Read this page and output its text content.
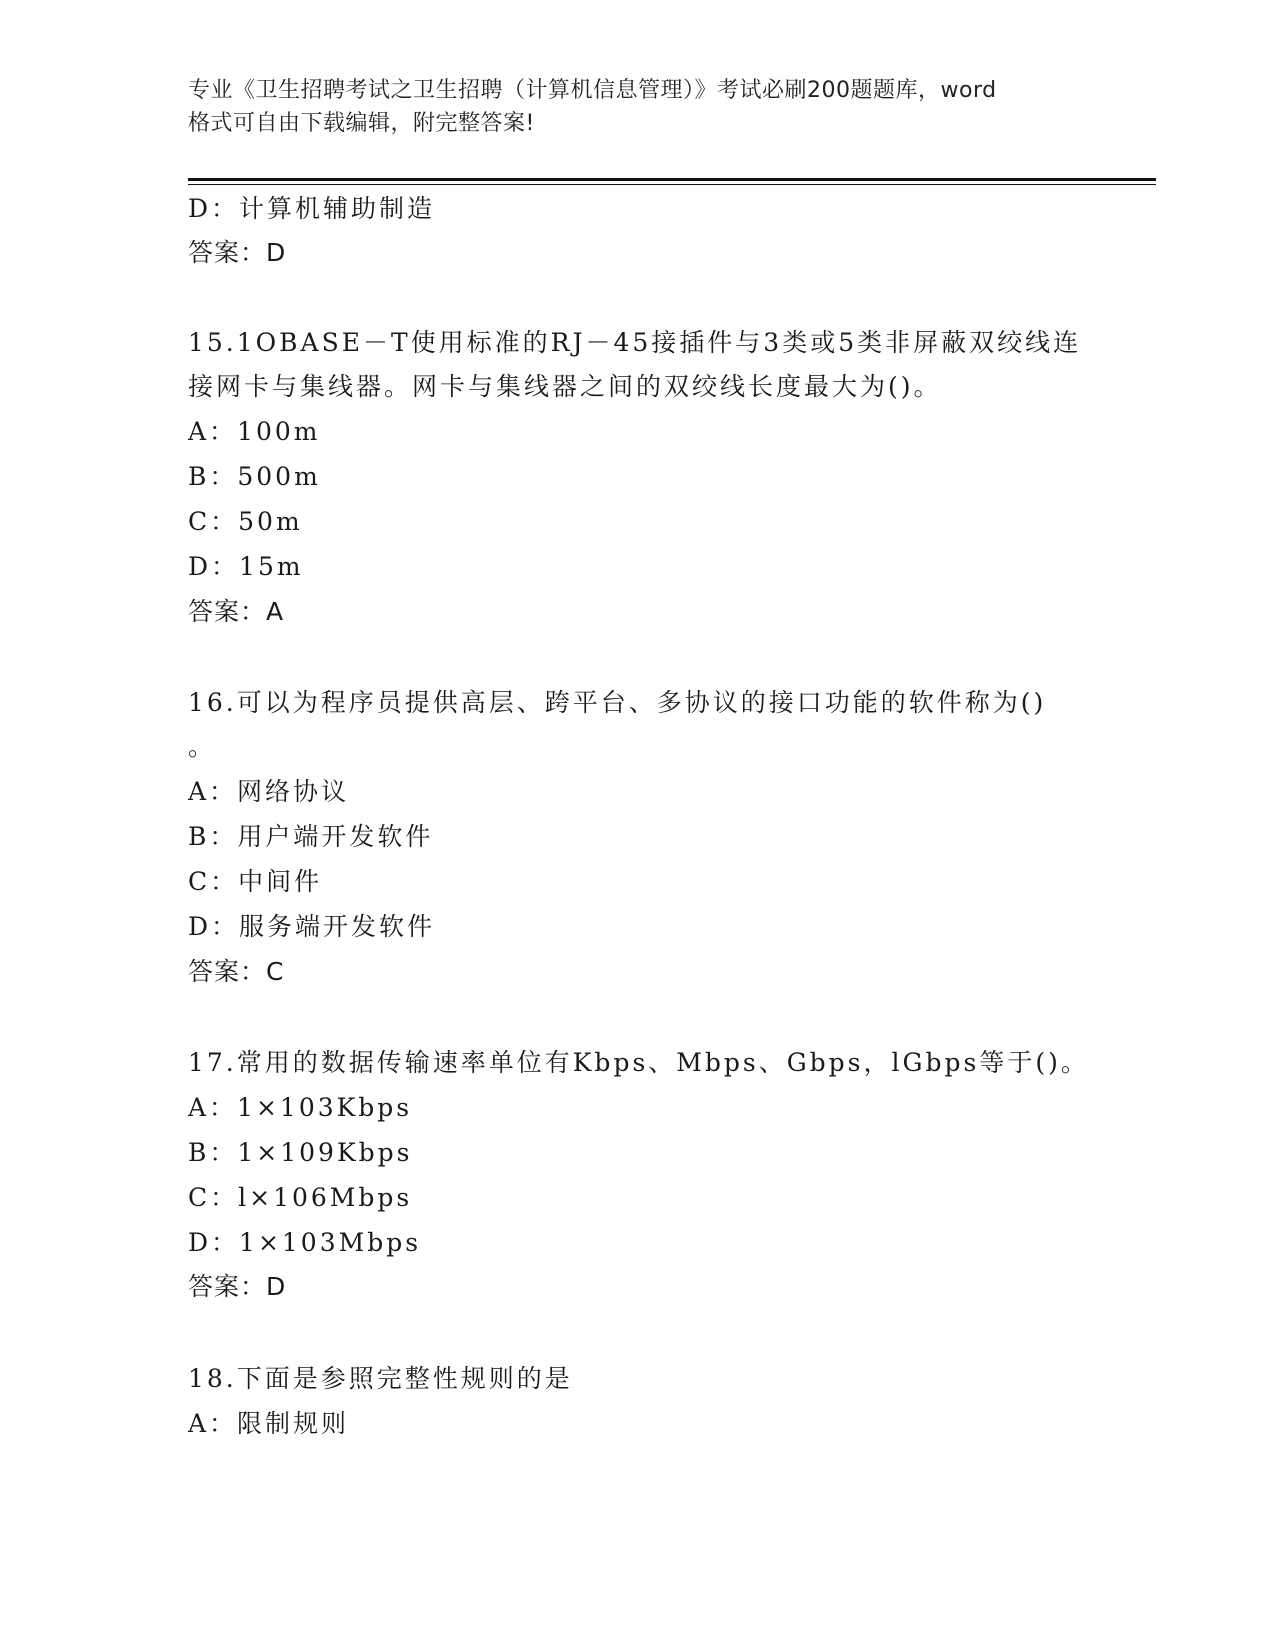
专业《卫生招聘考试之卫生招聘（计算机信息管理）》考试必刷200题题库，word
格式可自由下载编辑，附完整答案!
D：计算机辅助制造
答案：D
15.1OBASE－T使用标准的RJ－45接插件与3类或5类非屏蔽双绞线连
接网卡与集线器。网卡与集线器之间的双绞线长度最大为()。
A：100m
B：500m
C：50m
D：15m
答案：A
16.可以为程序员提供高层、跨平台、多协议的接口功能的软件称为()
。
A：网络协议
B：用户端开发软件
C：中间件
D：服务端开发软件
答案：C
17.常用的数据传输速率单位有Kbps、Mbps、Gbps，lGbps等于()。
A：1×103Kbps
B：1×109Kbps
C：l×106Mbps
D：1×103Mbps
答案：D
18.下面是参照完整性规则的是
A：限制规则
